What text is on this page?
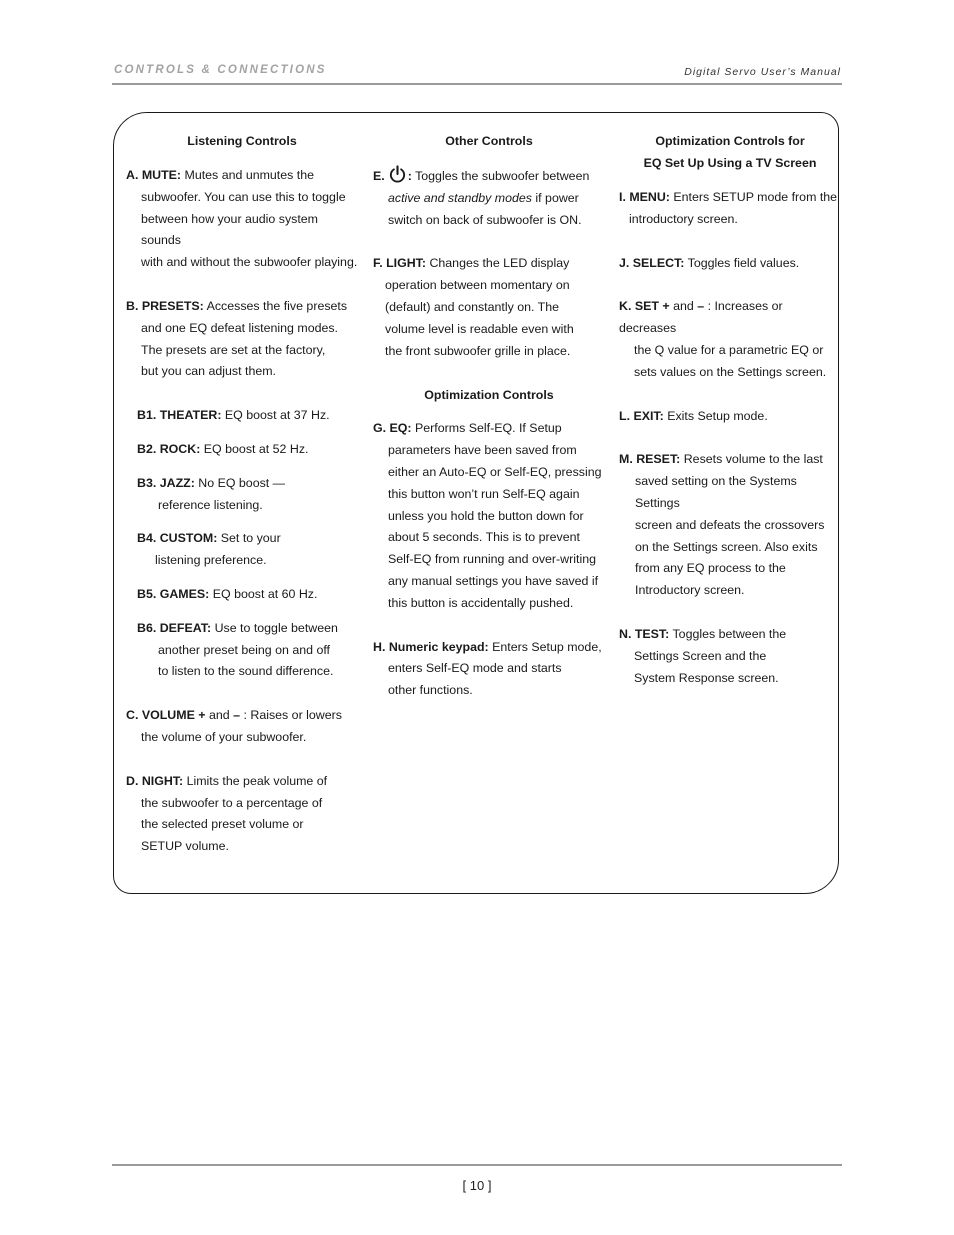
CONTROLS & CONNECTIONS	Digital Servo User’s Manual
Listening Controls
A. MUTE: Mutes and unmutes the
subwoofer. You can use this to toggle
between how your audio system sounds
with and without the subwoofer playing.
B. PRESETS: Accesses the five presets
and one EQ defeat listening modes.
The presets are set at the factory,
but you can adjust them.
B1. THEATER: EQ boost at 37 Hz.
B2. ROCK: EQ boost at 52 Hz.
B3. JAZZ: No EQ boost —
reference listening.
B4. CUSTOM: Set to your
listening preference.
B5. GAMES: EQ boost at 60 Hz.
B6. DEFEAT: Use to toggle between
another preset being on and off
to listen to the sound difference.
C. VOLUME + and – : Raises or lowers
the volume of your subwoofer.
D. NIGHT: Limits the peak volume of
the subwoofer to a percentage of
the selected preset volume or
SETUP volume.
Other Controls
E. : Toggles the subwoofer between
active and standby modes if power
switch on back of subwoofer is ON.
F. LIGHT: Changes the LED display
operation between momentary on
(default) and constantly on. The
volume level is readable even with
the front subwoofer grille in place.
Optimization Controls
G. EQ: Performs Self-EQ. If Setup
parameters have been saved from
either an Auto-EQ or Self-EQ, pressing
this button won’t run Self-EQ again
unless you hold the button down for
about 5 seconds. This is to prevent
Self-EQ from running and over-writing
any manual settings you have saved if
this button is accidentally pushed.
H. Numeric keypad: Enters Setup mode,
enters Self-EQ mode and starts
other functions.
Optimization Controls for
EQ Set Up Using a TV Screen
I. MENU: Enters SETUP mode from the
introductory screen.
J. SELECT: Toggles field values.
K. SET + and – : Increases or decreases
the Q value for a parametric EQ or
sets values on the Settings screen.
L. EXIT: Exits Setup mode.
M. RESET: Resets volume to the last
saved setting on the Systems Settings
screen and defeats the crossovers
on the Settings screen. Also exits
from any EQ process to the
Introductory screen.
N. TEST: Toggles between the
Settings Screen and the
System Response screen.
[ 10 ]
